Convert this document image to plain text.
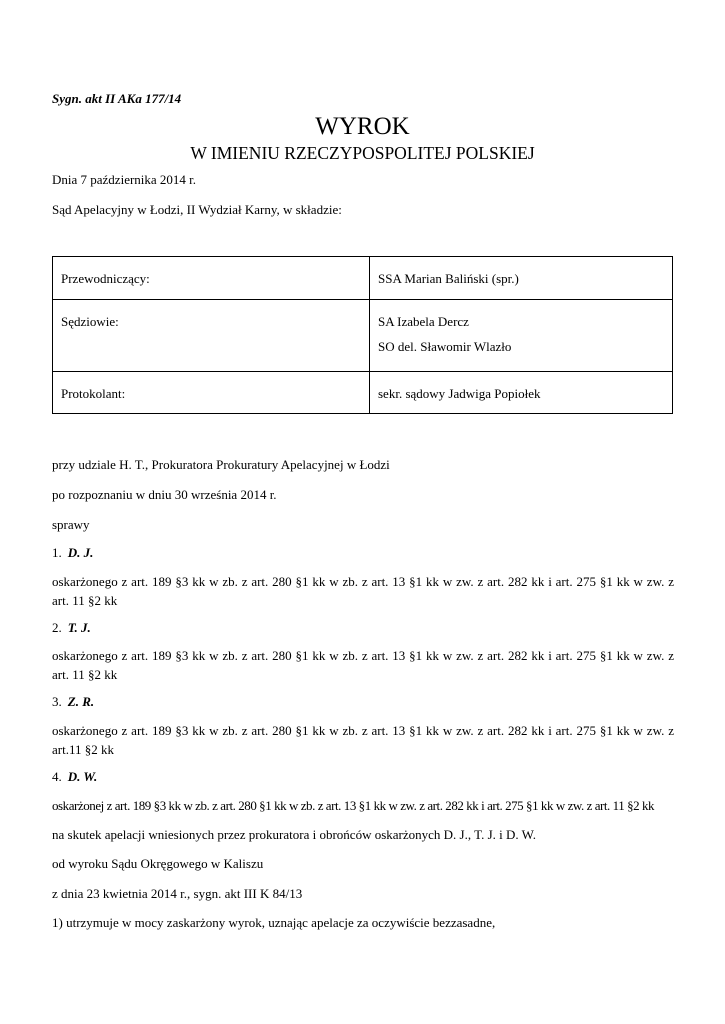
Sygn. akt II AKa 177/14
WYROK
W IMIENIU RZECZYPOSPOLITEJ POLSKIEJ
Dnia 7 października 2014 r.
Sąd Apelacyjny w Łodzi, II Wydział Karny, w składzie:
Przewodniczący:	SSA Marian Baliński (spr.)

Sędziowie:	SA Izabela Dercz
SO del. Sławomir Wlazło

Protokolant:	sekr. sądowy Jadwiga Popiołek
przy udziale H. T., Prokuratora Prokuratury Apelacyjnej w Łodzi
po rozpoznaniu w dniu 30 września 2014 r.
sprawy
1. D. J.
oskarżonego z art. 189 §3 kk w zb. z art. 280 §1 kk w zb. z art. 13 §1 kk w zw. z art. 282 kk i art. 275 §1 kk w zw. z art. 11 §2 kk
2. T. J.
oskarżonego z art. 189 §3 kk w zb. z art. 280 §1 kk w zb. z art. 13 §1 kk w zw. z art. 282 kk i art. 275 §1 kk w zw. z art. 11 §2 kk
3. Z. R.
oskarżonego z art. 189 §3 kk w zb. z art. 280 §1 kk w zb. z art. 13 §1 kk w zw. z art. 282 kk i art. 275 §1 kk w zw. z art.11 §2 kk
4. D. W.
oskarżonej z art. 189 §3 kk w zb. z art. 280 §1 kk w zb. z art. 13 §1 kk w zw. z art. 282 kk i art. 275 §1 kk w zw. z art. 11 §2 kk
na skutek apelacji wniesionych przez prokuratora i obrońców oskarżonych D. J., T. J. i D. W.
od wyroku Sądu Okręgowego w Kaliszu
z dnia 23 kwietnia 2014 r., sygn. akt III K 84/13
1) utrzymuje w mocy zaskarżony wyrok, uznając apelacje za oczywiście bezzasadne,
